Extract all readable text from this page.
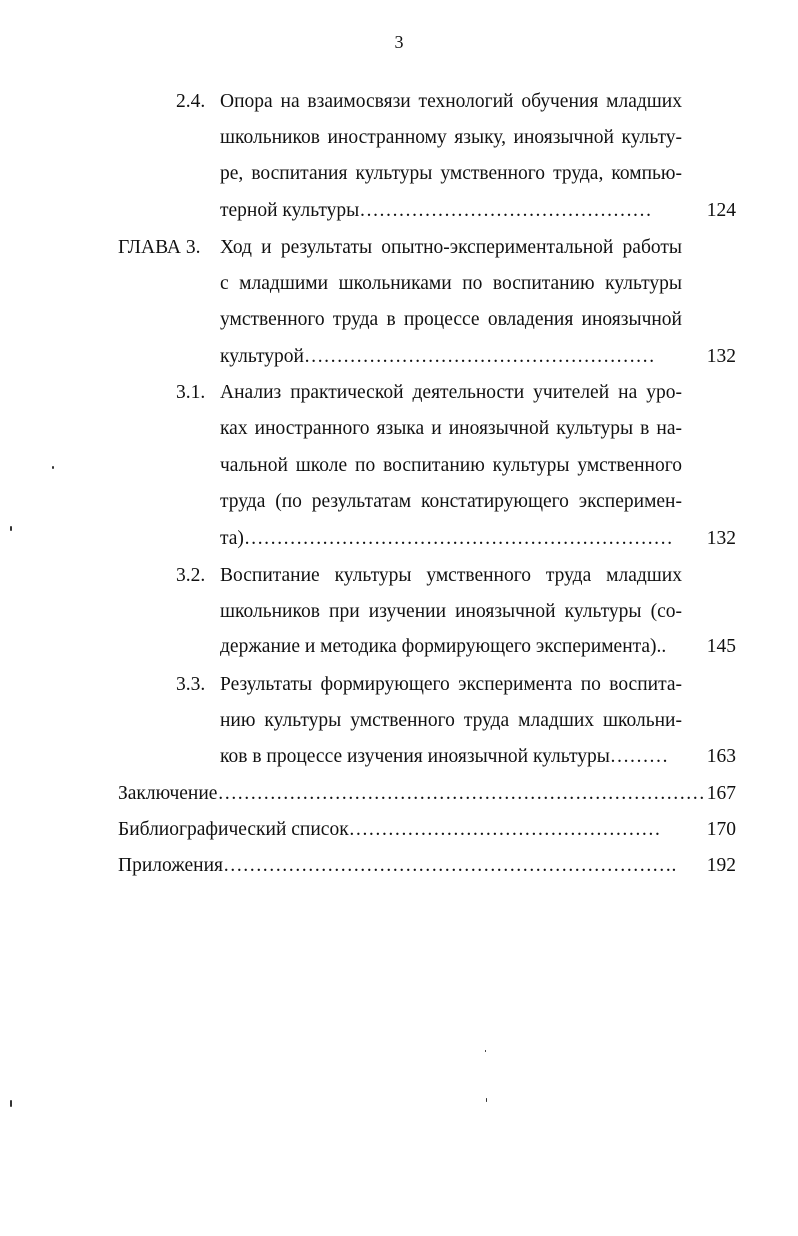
3
2.4. Опора на взаимосвязи технологий обучения младших
школьников иностранному языку, иноязычной культу-
ре, воспитания культуры умственного труда, компью-
терной культуры………………………………………	124
ГЛАВА 3. Ход и результаты опытно-экспериментальной работы
с младшими школьниками по воспитанию культуры
умственного труда в процессе овладения иноязычной
культурой………………………………………………	132
3.1. Анализ практической деятельности учителей на уро-
ках иностранного языка и иноязычной культуры в на-
чальной школе по воспитанию культуры умственного
труда (по результатам констатирующего эксперимен-
та)………………………………………………………… 132
3.2. Воспитание культуры умственного труда младших
школьников при изучении иноязычной культуры (со-
держание и методика формирующего эксперимента).. 145
3.3. Результаты формирующего эксперимента по воспита-
нию культуры умственного труда младших школьни-
ков в процессе изучения иноязычной культуры……… 163
Заключение………………………………………………………………… 167
Библиографический список………………………………………… 170
Приложения……………………………………………………………. 192
